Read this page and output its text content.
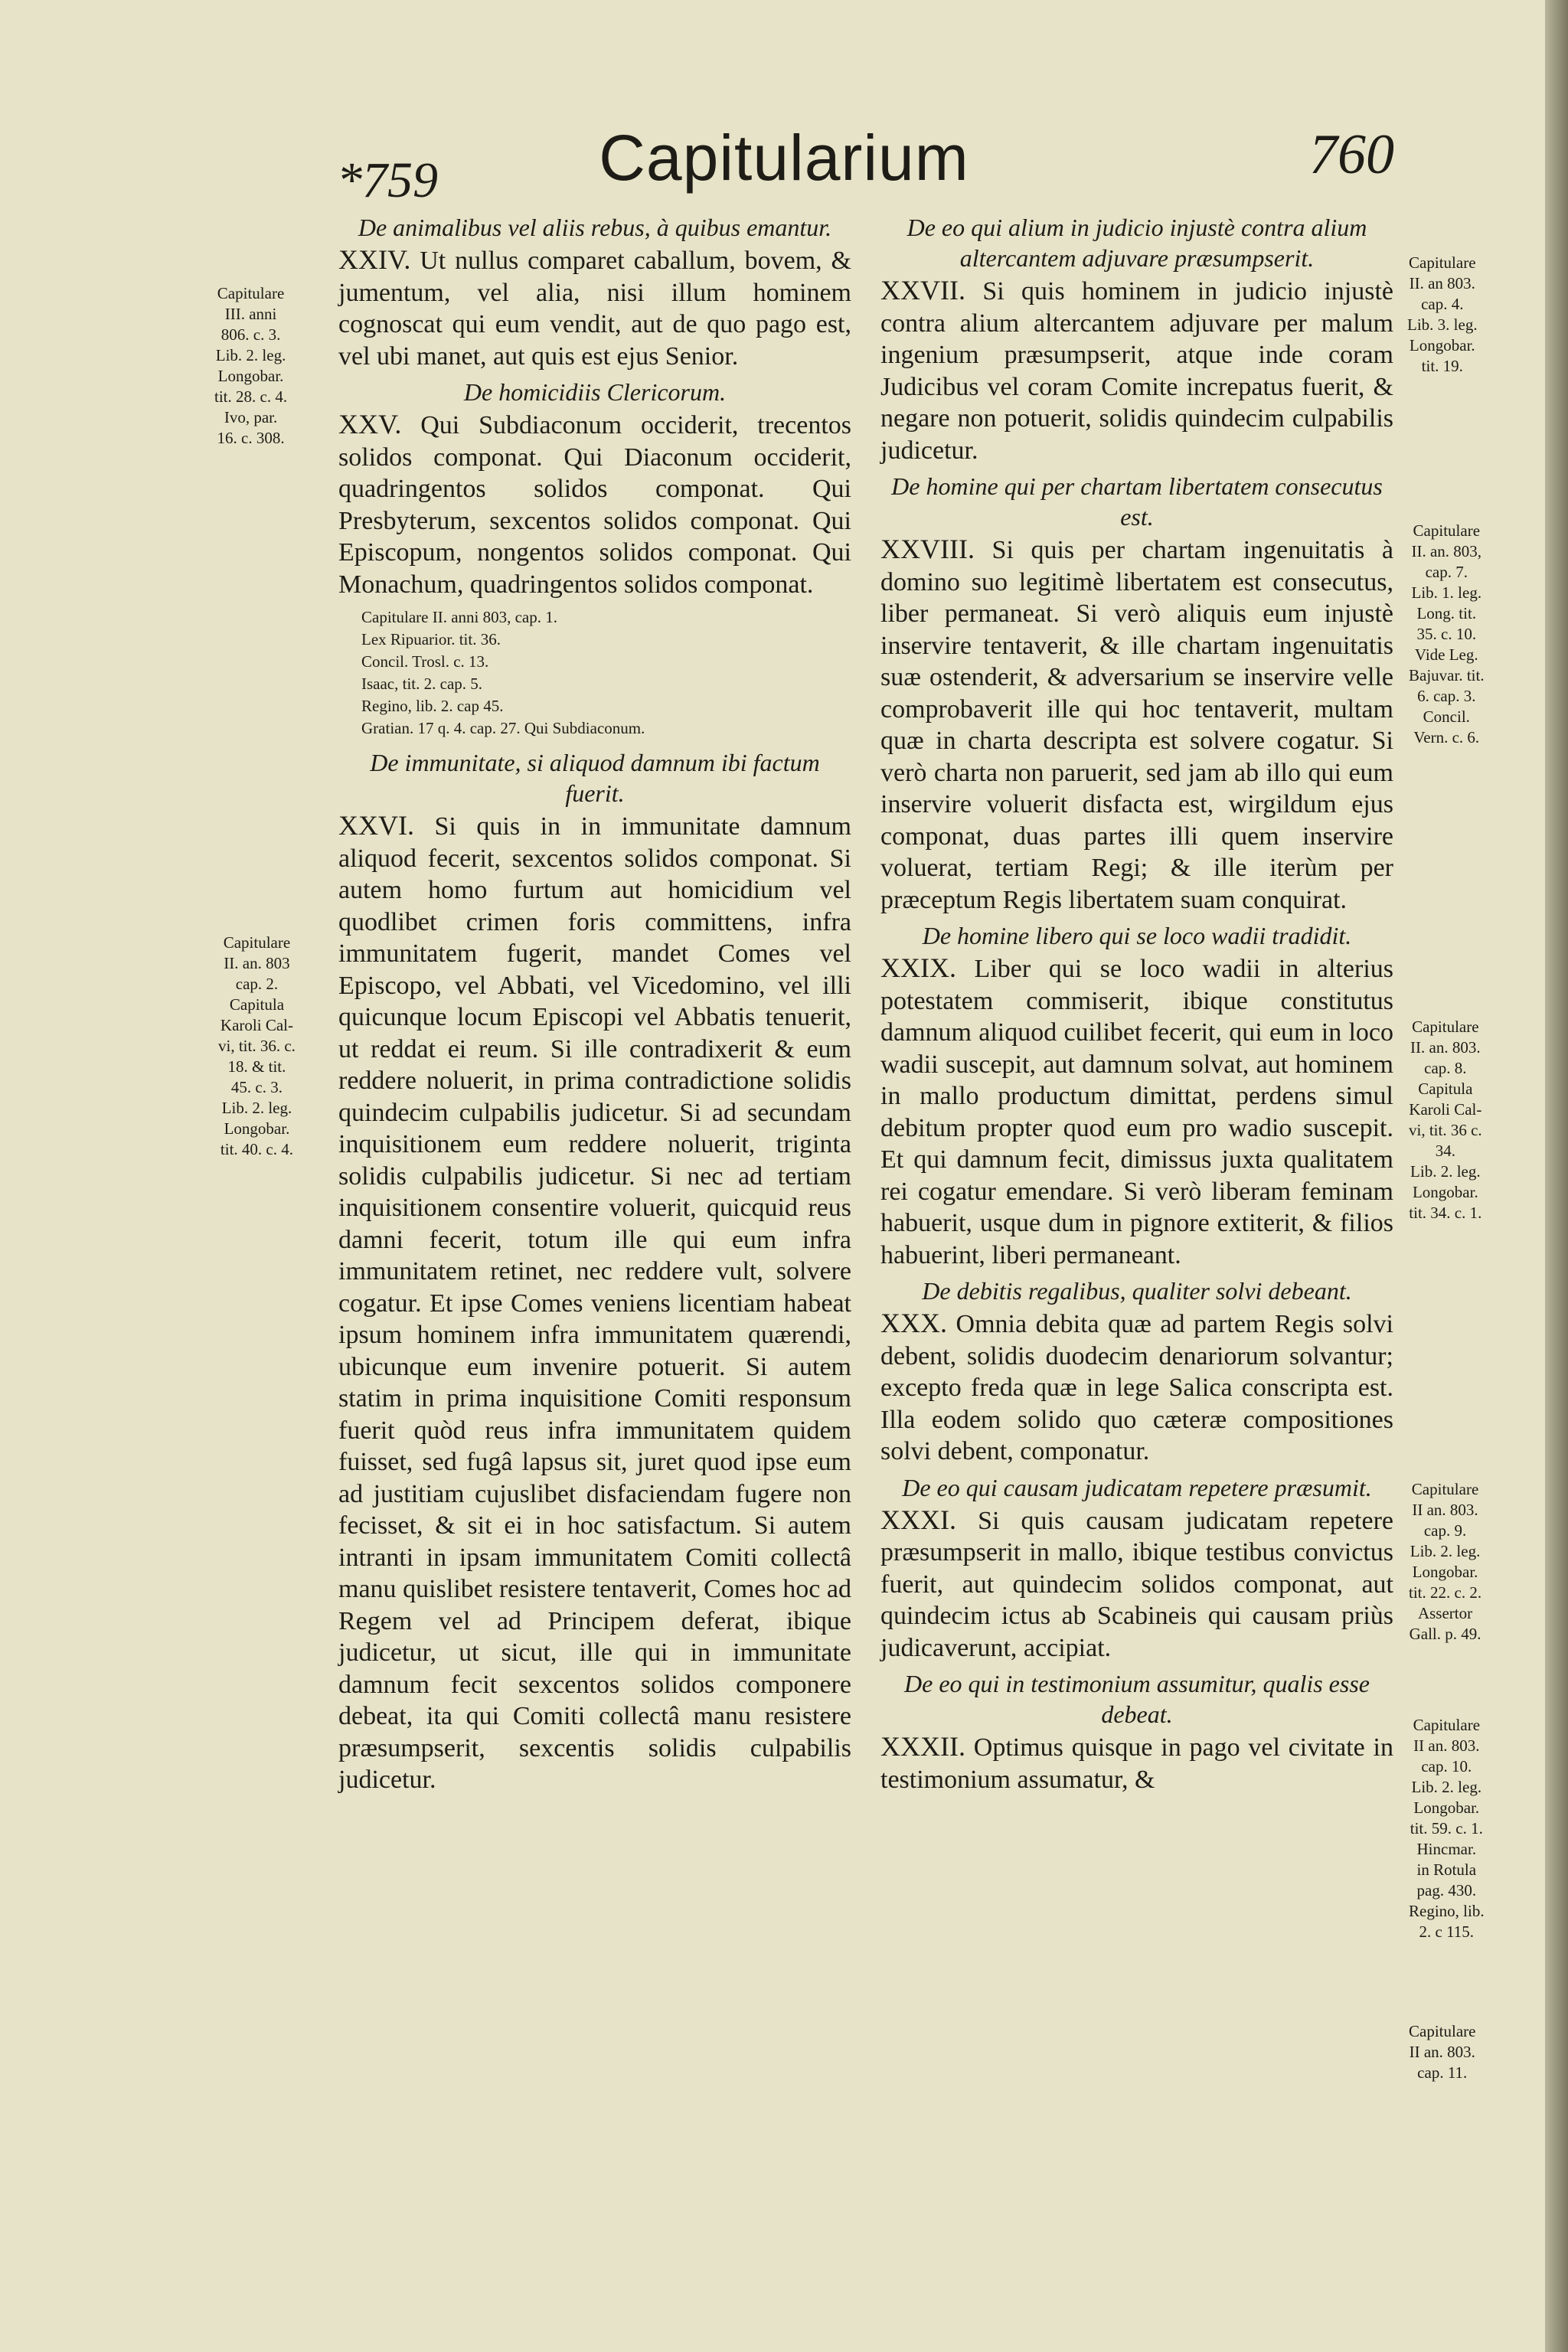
*759	Capitularium	760
De animalibus vel aliis rebus, à quibus emantur.

XXIV. Ut nullus comparet caballum, bovem, & jumentum, vel alia, nisi illum hominem cognoscat qui eum vendit, aut de quo pago est, vel ubi manet, aut quis est ejus Senior.

De homicidiis Clericorum.

XXV. Qui Subdiaconum occiderit, trecentos solidos componat. Qui Diaconum occiderit, quadringentos solidos componat. Qui Presbyterum, sexcentos solidos componat. Qui Episcopum, nongentos solidos componat. Qui Monachum, quadringentos solidos componat.

Capitulare II. anni 803, cap. 1.
Lex Ripuarior. tit. 36.
Concil. Trosl. c. 13.
Isaac, tit. 2. cap. 5.
Regino, lib. 2. cap 45.
Gratian. 17 q. 4. cap. 27. Qui Subdiaconum.
De immunitate, si aliquod damnum ibi factum fuerit.

XXVI. Si quis in in immunitate damnum aliquod fecerit, sexcentos solidos componat. Si autem homo furtum aut homicidium vel quodlibet crimen foris committens, infra immunitatem fugerit, mandet Comes vel Episcopo, vel Abbati, vel Vicedomino, vel illi quicunque locum Episcopi vel Abbatis tenuerit, ut reddat ei reum. Si ille contradixerit & eum reddere noluerit, in prima contradictione solidis quindecim culpabilis judicetur. Si ad secundam inquisitionem eum reddere noluerit, triginta solidis culpabilis judicetur. Si nec ad tertiam inquisitionem consentire voluerit, quicquid reus damni fecerit, totum ille qui eum infra immunitatem retinet, nec reddere vult, solvere cogatur. Et ipse Comes veniens licentiam habeat ipsum hominem infra immunitatem quærendi, ubicunque eum invenire potuerit. Si autem statim in prima inquisitione Comiti responsum fuerit quòd reus infra immunitatem quidem fuisset, sed fugâ lapsus sit, juret quod ipse eum ad justitiam cujuslibet disfaciendam fugere non fecisset, & sit ei in hoc satisfactum. Si autem intranti in ipsam immunitatem Comiti collectâ manu quislibet resistere tentaverit, Comes hoc ad Regem vel ad Principem deferat, ibique judicetur, ut sicut, ille qui in immunitate damnum fecit sexcentos solidos componere debeat, ita qui Comiti collectâ manu resistere præsumpserit, sexcentis solidis culpabilis judicetur.

De eo qui alium in judicio injustè contra alium altercantem adjuvare præsumpserit.

XXVII. Si quis hominem in judicio injustè contra alium altercantem adjuvare per malum ingenium præsumpserit, atque inde coram Judicibus vel coram Comite increpatus fuerit, & negare non potuerit, solidis quindecim culpabilis judicetur.

De homine qui per chartam libertatem consecutus est.

XXVIII. Si quis per chartam ingenuitatis à domino suo legitimè libertatem est consecutus, liber permaneat. Si verò aliquis eum injustè inservire tentaverit, & ille chartam ingenuitatis suæ ostenderit, & adversarium se inservire velle comprobaverit ille qui hoc tentaverit, multam quæ in charta descripta est solvere cogatur. Si verò charta non paruerit, sed jam ab illo qui eum inservire voluerit disfacta est, wirgildum ejus componat, duas partes illi quem inservire voluerat, tertiam Regi; & ille iterùm per præceptum Regis libertatem suam conquirat.

De homine libero qui se loco wadii tradidit.

XXIX. Liber qui se loco wadii in alterius potestatem commiserit, ibique constitutus damnum aliquod cuilibet fecerit, qui eum in loco wadii suscepit, aut damnum solvat, aut hominem in mallo productum dimittat, perdens simul debitum propter quod eum pro wadio suscepit. Et qui damnum fecit, dimissus juxta qualitatem rei cogatur emendare. Si verò liberam feminam habuerit, usque dum in pignore extiterit, & filios habuerint, liberi permaneant.

De debitis regalibus, qualiter solvi debeant.

XXX. Omnia debita quæ ad partem Regis solvi debent, solidis duodecim denariorum solvantur; excepto freda quæ in lege Salica conscripta est. Illa eodem solido quo cæteræ compositiones solvi debent, componatur.

De eo qui causam judicatam repetere præsumit.

XXXI. Si quis causam judicatam repetere præsumpserit in mallo, ibique testibus convictus fuerit, aut quindecim solidos componat, aut quindecim ictus ab Scabineis qui causam priùs judicaverunt, accipiat.

De eo qui in testimonium assumitur, qualis esse debeat.

XXXII. Optimus quisque in pago vel civitate in testimonium assumatur, &

Capitulare
III. anni
806. c. 3.
Lib. 2. leg.
Longobar.
tit. 28. c. 4.
Ivo, par.
16. c. 308.
Capitulare
II. an. 803
cap. 2.
Capitula
Karoli Cal-
vi, tit. 36. c.
18. & tit.
45. c. 3.
Lib. 2. leg.
Longobar.
tit. 40. c. 4.
Capitulare
II. an 803.
cap. 4.
Lib. 3. leg.
Longobar.
tit. 19.
Capitulare
II. an. 803,
cap. 7.
Lib. 1. leg.
Long. tit.
35. c. 10.
Vide Leg.
Bajuvar. tit.
6. cap. 3.
Concil.
Vern. c. 6.
Capitulare
II. an. 803.
cap. 8.
Capitula
Karoli Cal-
vi, tit. 36 c.
34.
Lib. 2. leg.
Longobar.
tit. 34. c. 1.
Capitulare
II an. 803.
cap. 9.
Lib. 2. leg.
Longobar.
tit. 22. c. 2.
Assertor
Gall. p. 49.
Capitulare
II an. 803.
cap. 10.
Lib. 2. leg.
Longobar.
tit. 59. c. 1.
Hincmar.
in Rotula
pag. 430.
Regino, lib.
2. c 115.
Capitulare
II an. 803.
cap. 11.
